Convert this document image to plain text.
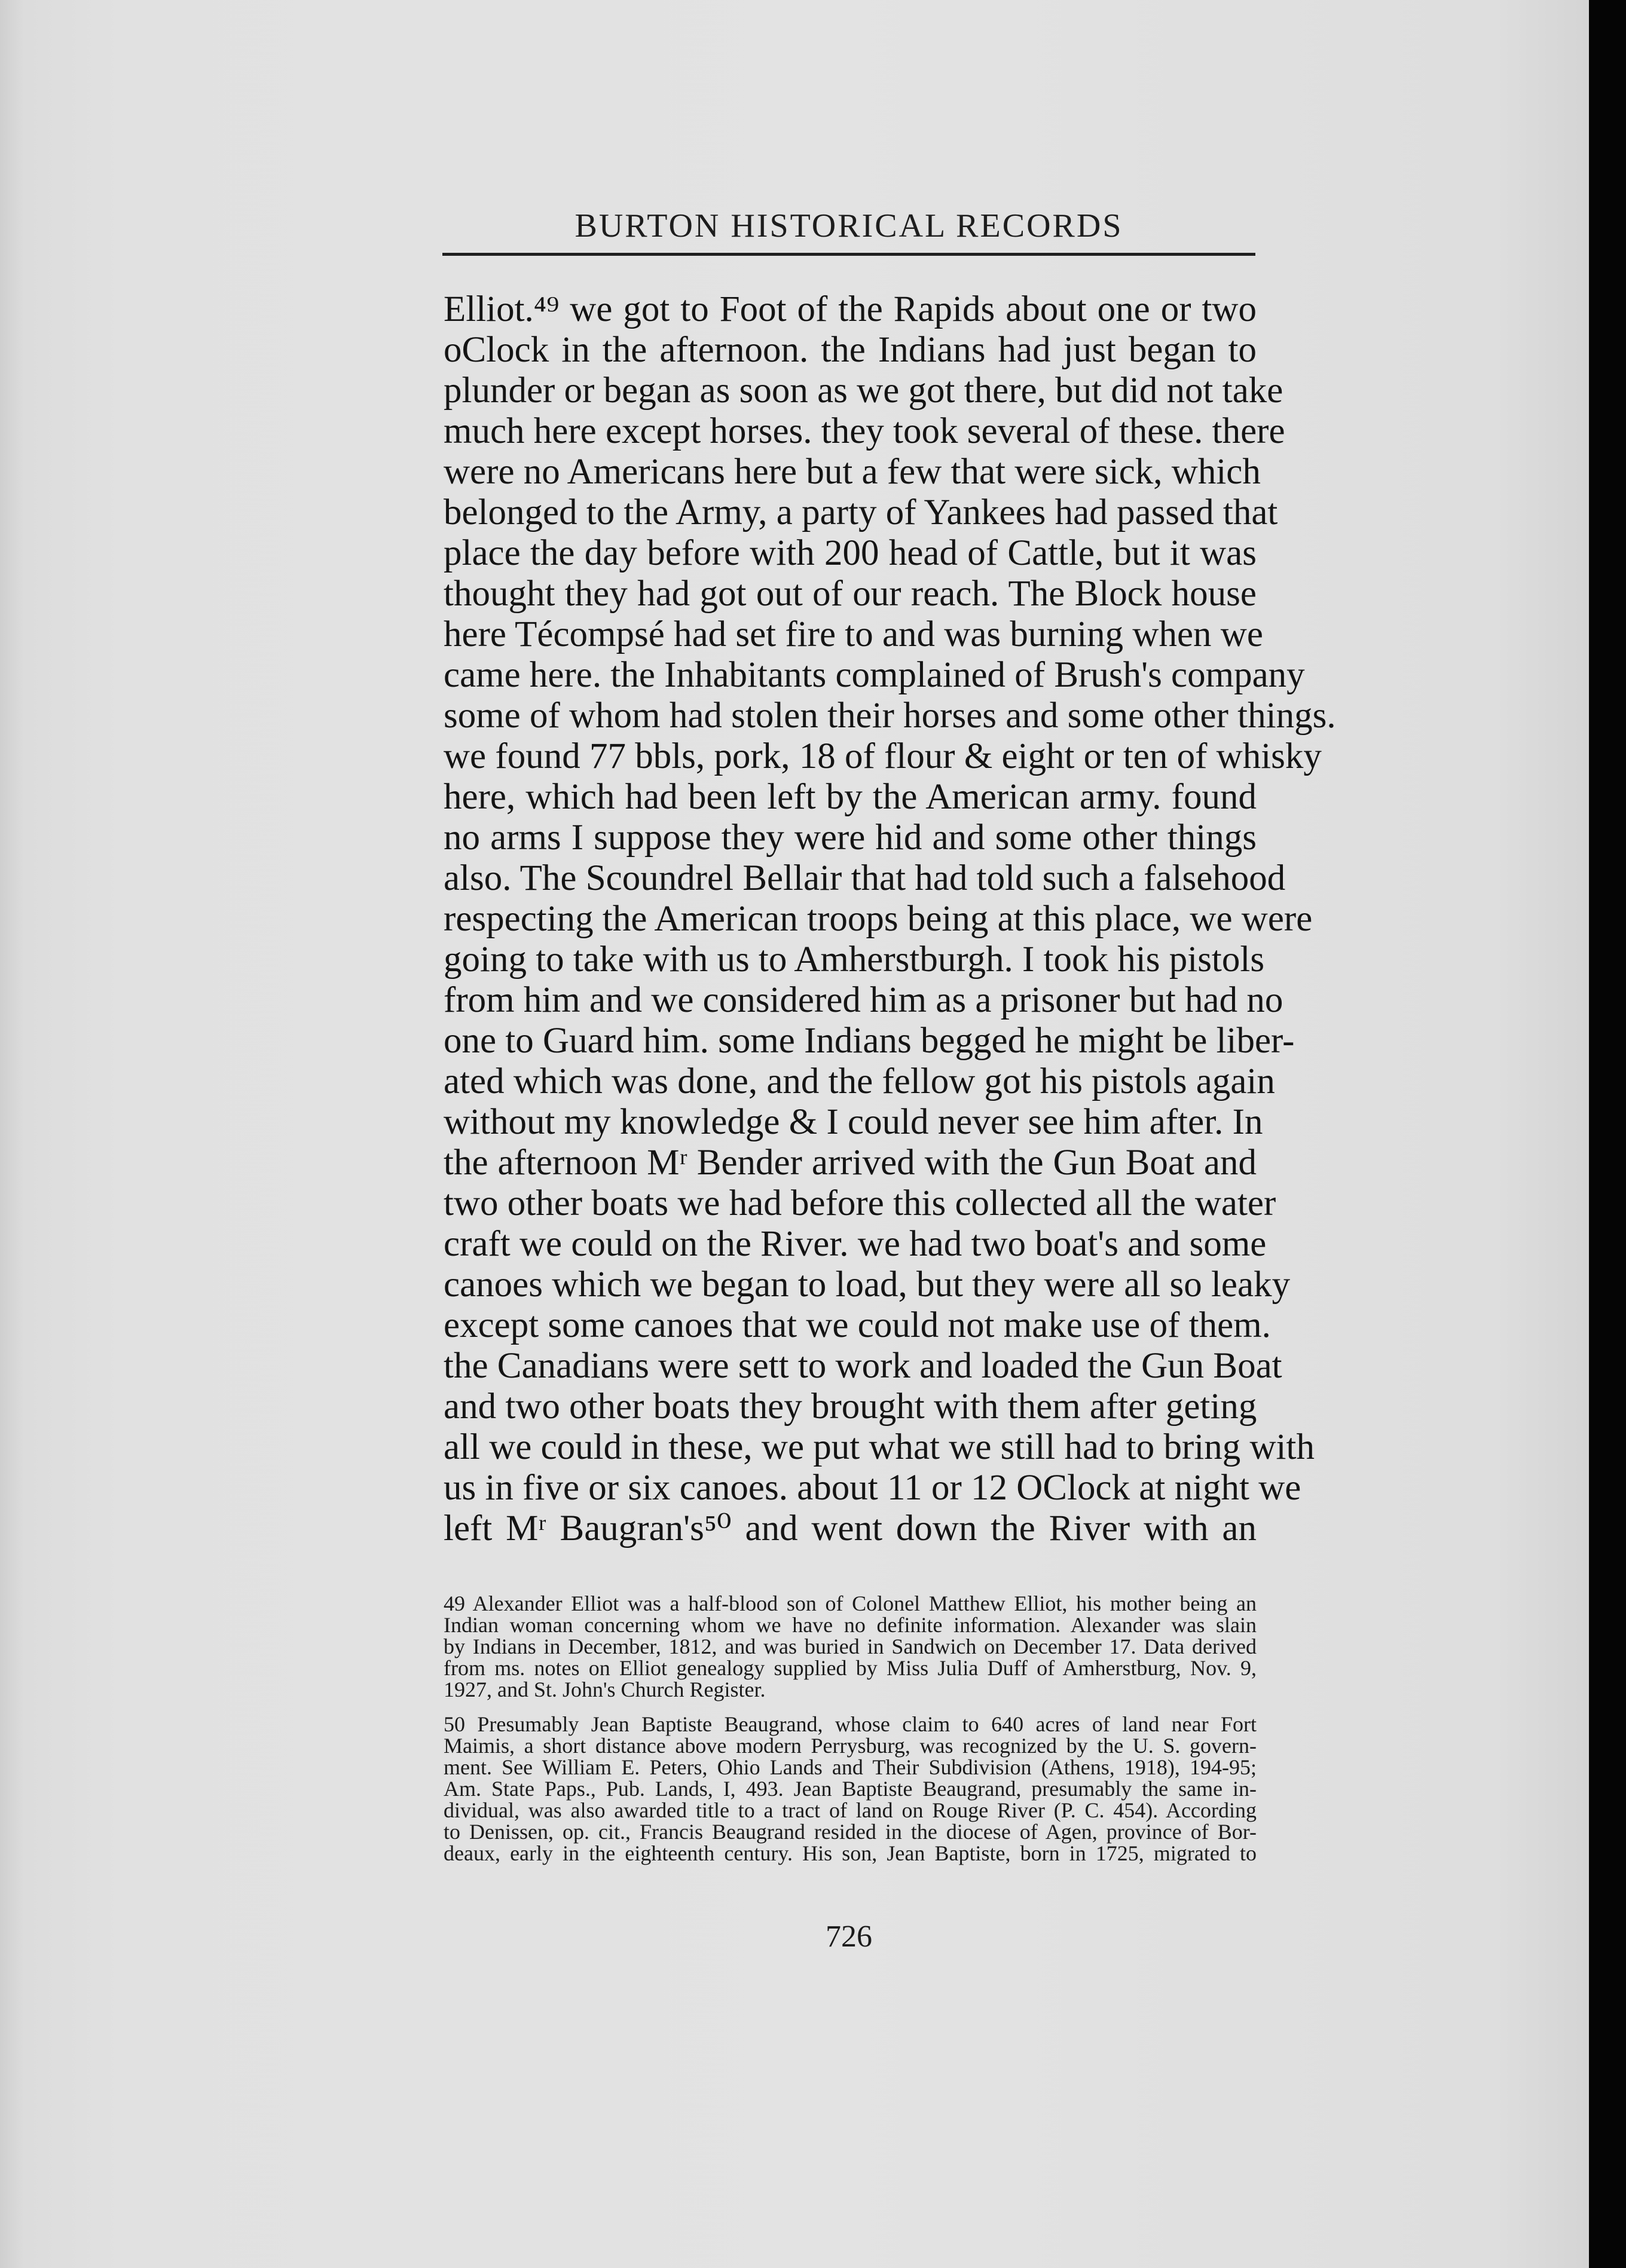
BURTON HISTORICAL RECORDS
Elliot.⁴⁹ we got to Foot of the Rapids about one or two
oClock in the afternoon. the Indians had just began to
plunder or began as soon as we got there, but did not take
much here except horses. they took several of these. there
were no Americans here but a few that were sick, which
belonged to the Army, a party of Yankees had passed that
place the day before with 200 head of Cattle, but it was
thought they had got out of our reach. The Block house
here Técompsé had set fire to and was burning when we
came here. the Inhabitants complained of Brush's company
some of whom had stolen their horses and some other things.
we found 77 bbls, pork, 18 of flour & eight or ten of whisky
here, which had been left by the American army. found
no arms I suppose they were hid and some other things
also. The Scoundrel Bellair that had told such a falsehood
respecting the American troops being at this place, we were
going to take with us to Amherstburgh. I took his pistols
from him and we considered him as a prisoner but had no
one to Guard him. some Indians begged he might be liber-
ated which was done, and the fellow got his pistols again
without my knowledge & I could never see him after. In
the afternoon Mʳ Bender arrived with the Gun Boat and
two other boats we had before this collected all the water
craft we could on the River. we had two boat's and some
canoes which we began to load, but they were all so leaky
except some canoes that we could not make use of them.
the Canadians were sett to work and loaded the Gun Boat
and two other boats they brought with them after geting
all we could in these, we put what we still had to bring with
us in five or six canoes. about 11 or 12 OClock at night we
left Mʳ Baugran's⁵⁰ and went down the River with an
49 Alexander Elliot was a half-blood son of Colonel Matthew Elliot, his mother being an
Indian woman concerning whom we have no definite information. Alexander was slain
by Indians in December, 1812, and was buried in Sandwich on December 17. Data derived
from ms. notes on Elliot genealogy supplied by Miss Julia Duff of Amherstburg, Nov. 9,
1927, and St. John's Church Register.
50 Presumably Jean Baptiste Beaugrand, whose claim to 640 acres of land near Fort
Maimis, a short distance above modern Perrysburg, was recognized by the U. S. govern-
ment. See William E. Peters, Ohio Lands and Their Subdivision (Athens, 1918), 194-95;
Am. State Paps., Pub. Lands, I, 493. Jean Baptiste Beaugrand, presumably the same in-
dividual, was also awarded title to a tract of land on Rouge River (P. C. 454). According
to Denissen, op. cit., Francis Beaugrand resided in the diocese of Agen, province of Bor-
deaux, early in the eighteenth century. His son, Jean Baptiste, born in 1725, migrated to
726
